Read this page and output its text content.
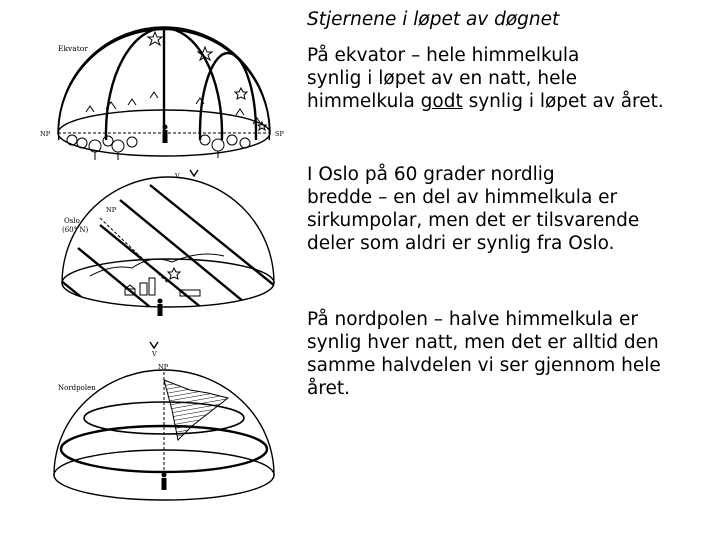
Ekvator
NP	SP
V
Oslo (60° N)
NP
V
Nordpolen
NP
Stjernene i løpet av døgnet

På ekvator – hele himmelkula
synlig i løpet av en natt, hele
himmelkula godt synlig i løpet av året.

I Oslo på 60 grader nordlig
bredde – en del av himmelkula er
sirkumpolar, men det er tilsvarende
deler som aldri er synlig fra Oslo.

På nordpolen – halve himmelkula er
synlig hver natt, men det er alltid den
samme halvdelen vi ser gjennom hele
året.
